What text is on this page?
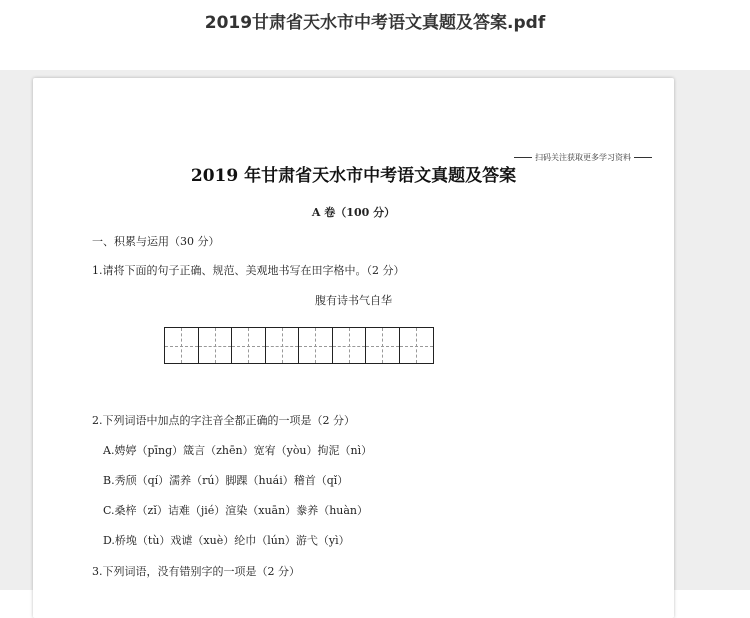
2019甘肃省天水市中考语文真题及答案.pdf
扫码关注获取更多学习资料
2019 年甘肃省天水市中考语文真题及答案
A 卷（100 分）
一、积累与运用（30 分）
1.请将下面的句子正确、规范、美观地书写在田字格中。（2 分）
腹有诗书气自华
2.下列词语中加点的字注音全都正确的一项是（2 分）
A.娉婷（pīng）箴言（zhēn）宽宥（yòu）拘泥（nì）
B.秀颀（qí）濡养（rú）脚踝（huái）稽首（qǐ）
C.桑梓（zǐ）诘难（jié）渲染（xuān）豢养（huàn）
D.桥堍（tù）戏谑（xuè）纶巾（lún）游弋（yì）
3.下列词语，没有错别字的一项是（2 分）
